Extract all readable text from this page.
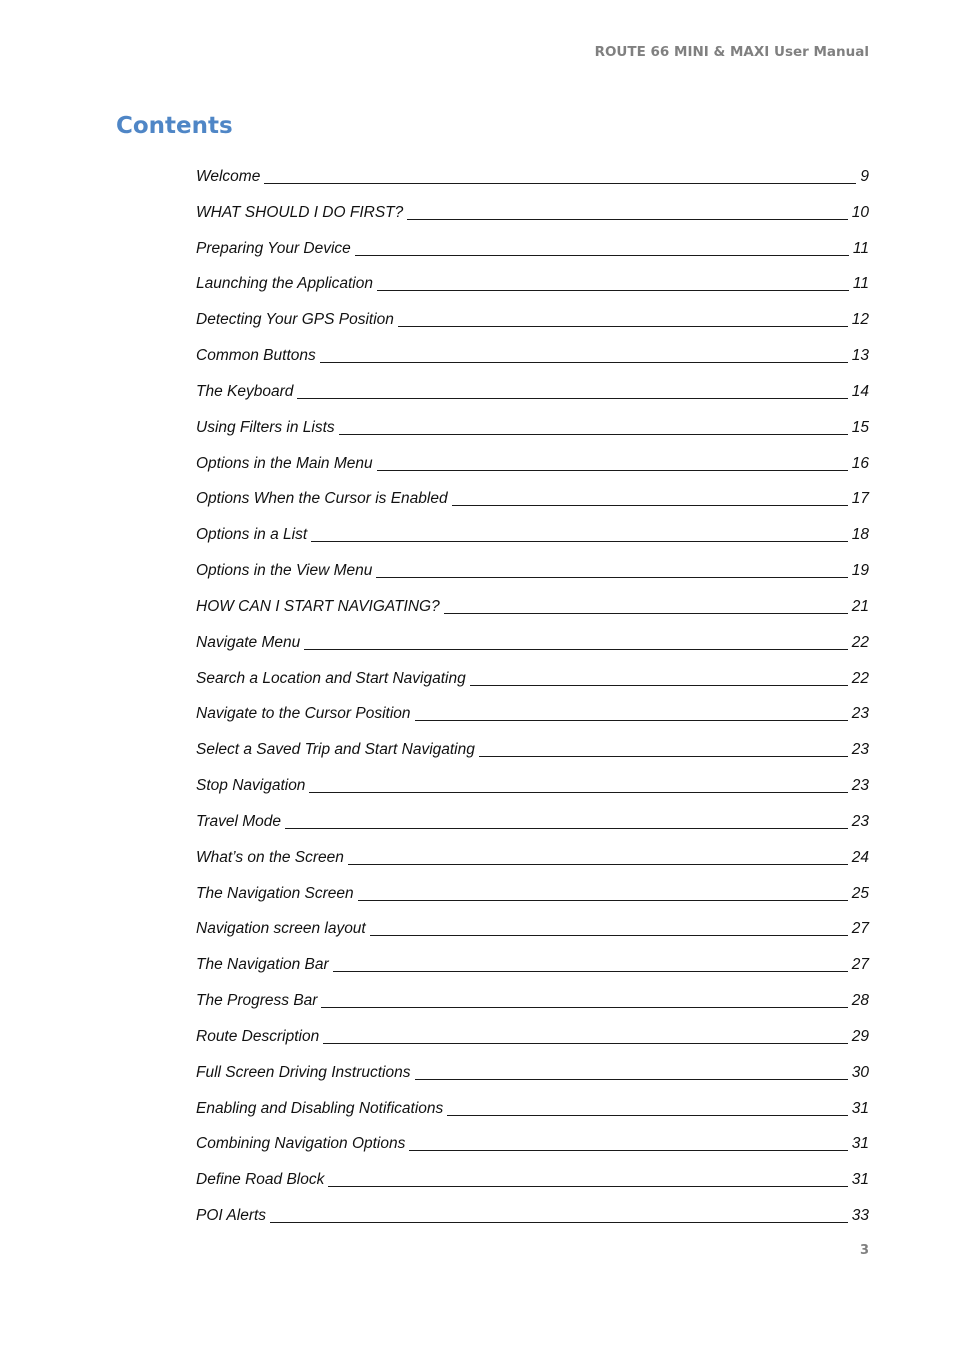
ROUTE 66 MINI & MAXI User Manual
Contents
Welcome	9
WHAT SHOULD I DO FIRST?	10
Preparing Your Device	11
Launching the Application	11
Detecting Your GPS Position	12
Common Buttons	13
The Keyboard	14
Using Filters in Lists	15
Options in the Main Menu	16
Options When the Cursor is Enabled	17
Options in a List	18
Options in the View Menu	19
HOW CAN I START NAVIGATING?	21
Navigate Menu	22
Search a Location and Start Navigating	22
Navigate to the Cursor Position	23
Select a Saved Trip and Start Navigating	23
Stop Navigation	23
Travel Mode	23
What’s on the Screen	24
The Navigation Screen	25
Navigation screen layout	27
The Navigation Bar	27
The Progress Bar	28
Route Description	29
Full Screen Driving Instructions	30
Enabling and Disabling Notifications	31
Combining Navigation Options	31
Define Road Block	31
POI Alerts	33
3
